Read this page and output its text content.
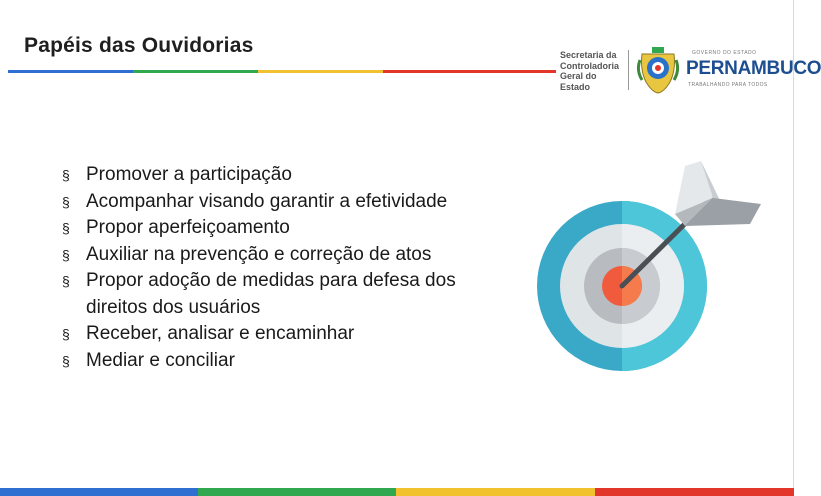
Papéis das Ouvidorias	Secretaria da
Controladoria
Geral do Estado
GOVERNO DO ESTADO
PERNAMBUCO
TRABALHANDO PARA TODOS
§ Promover a participação
§ Acompanhar visando garantir a efetividade
§ Propor aperfeiçoamento
§ Auxiliar na prevenção e correção de atos
§ Propor adoção de medidas para defesa dos direitos dos usuários
§ Receber, analisar e encaminhar
§ Mediar e conciliar
